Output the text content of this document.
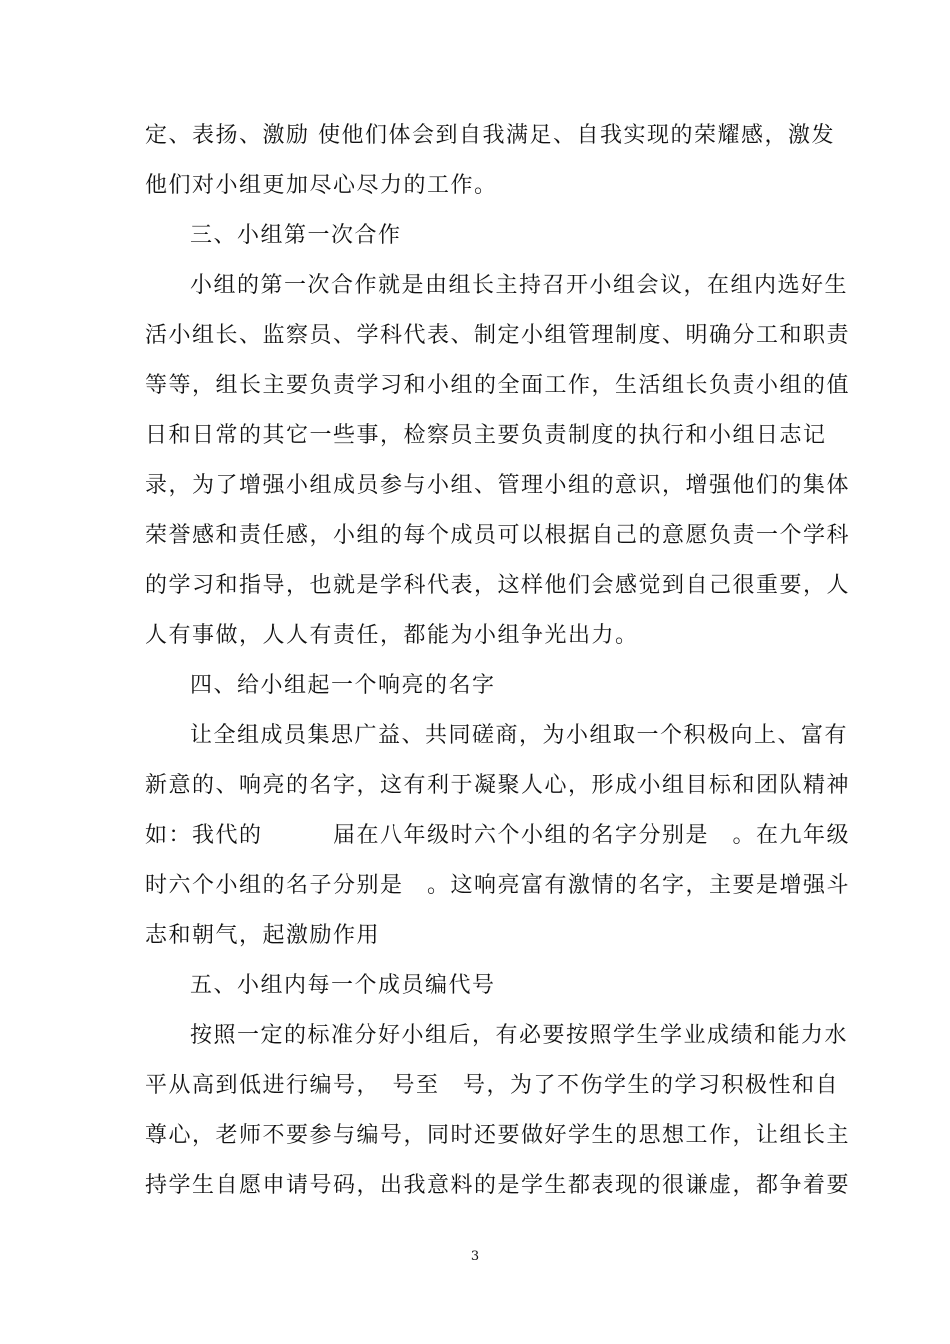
定、表扬、激励 使他们体会到自我满足、自我实现的荣耀感，激发
他们对小组更加尽心尽力的工作。
三、小组第一次合作
小组的第一次合作就是由组长主持召开小组会议，在组内选好生
活小组长、监察员、学科代表、制定小组管理制度、明确分工和职责
等等，组长主要负责学习和小组的全面工作，生活组长负责小组的值
日和日常的其它一些事，检察员主要负责制度的执行和小组日志记
录，为了增强小组成员参与小组、管理小组的意识，增强他们的集体
荣誉感和责任感，小组的每个成员可以根据自己的意愿负责一个学科
的学习和指导，也就是学科代表，这样他们会感觉到自己很重要，人
人有事做，人人有责任，都能为小组争光出力。
四、给小组起一个响亮的名字
让全组成员集思广益、共同磋商，为小组取一个积极向上、富有
新意的、响亮的名字，这有利于凝聚人心，形成小组目标和团队精神
如：我代的　　　届在八年级时六个小组的名字分别是　。在九年级
时六个小组的名子分别是　。这响亮富有激情的名字，主要是增强斗
志和朝气，起激励作用
五、小组内每一个成员编代号
按照一定的标准分好小组后，有必要按照学生学业成绩和能力水
平从高到低进行编号，　号至　号，为了不伤学生的学习积极性和自
尊心，老师不要参与编号，同时还要做好学生的思想工作，让组长主
持学生自愿申请号码，出我意料的是学生都表现的很谦虚，都争着要
3
